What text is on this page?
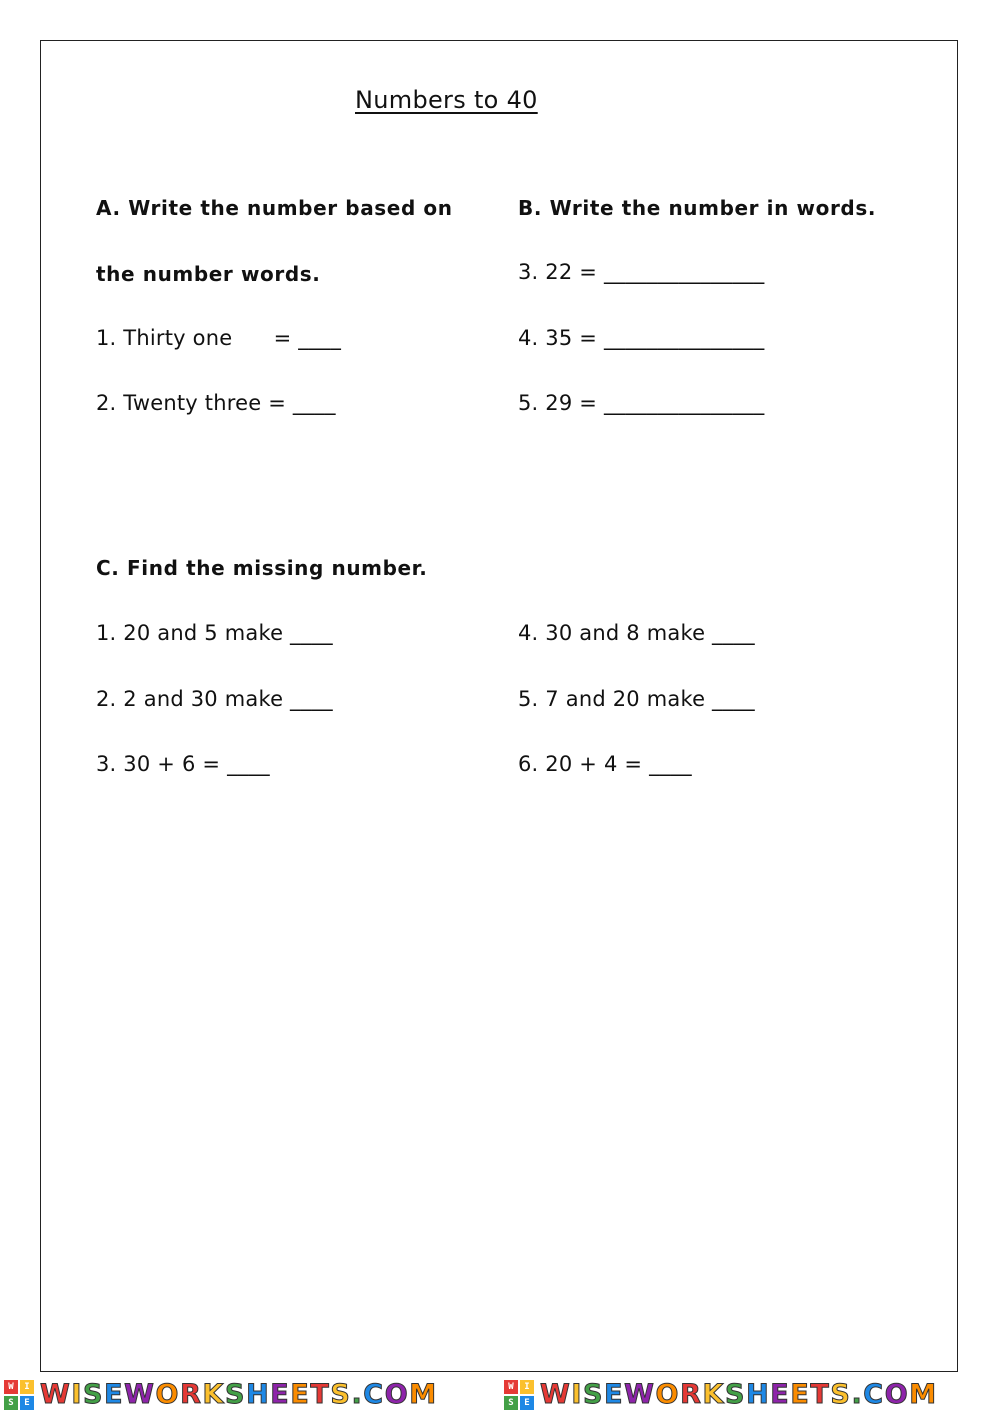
Numbers to 40
A. Write the number based on
the number words.
1. Thirty one      = ____
2. Twenty three = ____
B. Write the number in words.
3. 22 = _______________
4. 35 = _______________
5. 29 = _______________
C. Find the missing number.
1. 20 and 5 make ____
2. 2 and 30 make ____
3. 30 + 6 = ____
4. 30 and 8 make ____
5. 7 and 20 make ____
6. 20 + 4 = ____
W	I
S	E WISEWORKSHEETS.COM	W	I
S	E WISEWORKSHEETS.COM
